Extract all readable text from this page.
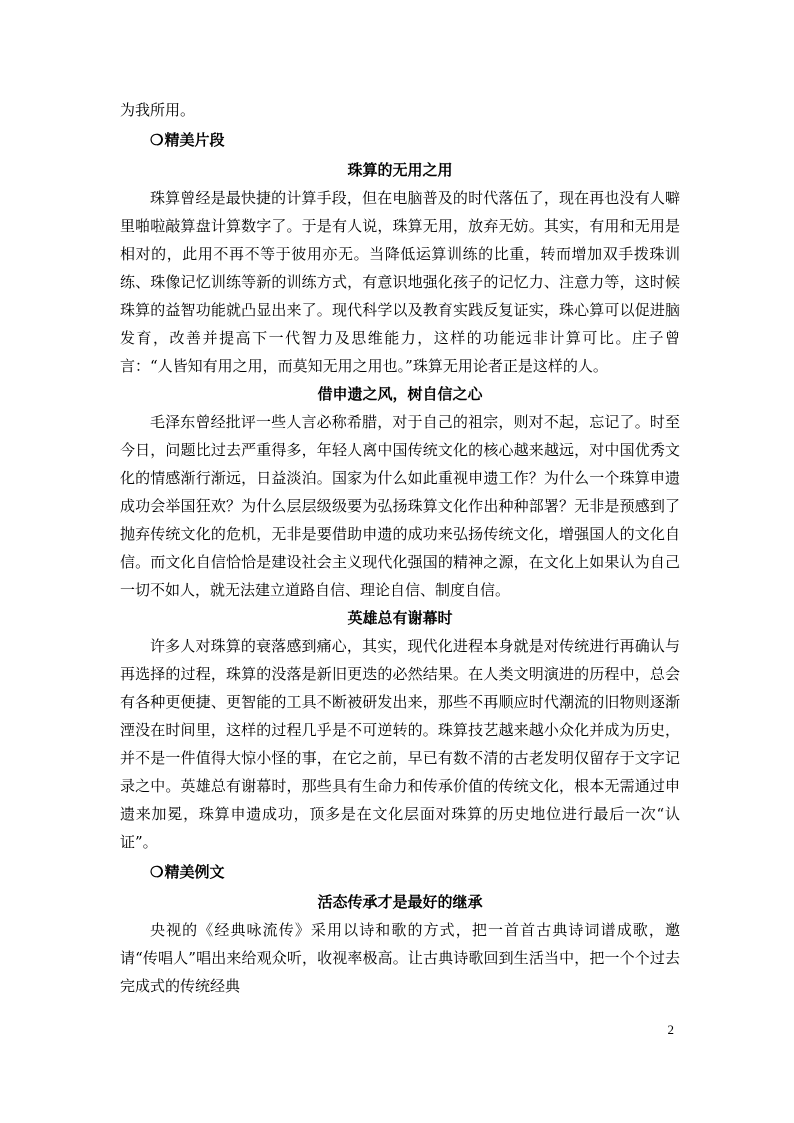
为我所用。

❍精美片段

珠算的无用之用

珠算曾经是最快捷的计算手段，但在电脑普及的时代落伍了，现在再也没有人噼里啪啦敲算盘计算数字了。于是有人说，珠算无用，放弃无妨。其实，有用和无用是相对的，此用不再不等于彼用亦无。当降低运算训练的比重，转而增加双手拨珠训练、珠像记忆训练等新的训练方式，有意识地强化孩子的记忆力、注意力等，这时候珠算的益智功能就凸显出来了。现代科学以及教育实践反复证实，珠心算可以促进脑发育，改善并提高下一代智力及思维能力，这样的功能远非计算可比。庄子曾言：“人皆知有用之用，而莫知无用之用也。”珠算无用论者正是这样的人。

借申遗之风，树自信之心

毛泽东曾经批评一些人言必称希腊，对于自己的祖宗，则对不起，忘记了。时至今日，问题比过去严重得多，年轻人离中国传统文化的核心越来越远，对中国优秀文化的情感渐行渐远，日益淡泊。国家为什么如此重视申遗工作？为什么一个珠算申遗成功会举国狂欢？为什么层层级级要为弘扬珠算文化作出种种部署？无非是预感到了抛弃传统文化的危机，无非是要借助申遗的成功来弘扬传统文化，增强国人的文化自信。而文化自信恰恰是建设社会主义现代化强国的精神之源，在文化上如果认为自己一切不如人，就无法建立道路自信、理论自信、制度自信。

英雄总有谢幕时

许多人对珠算的衰落感到痛心，其实，现代化进程本身就是对传统进行再确认与再选择的过程，珠算的没落是新旧更迭的必然结果。在人类文明演进的历程中，总会有各种更便捷、更智能的工具不断被研发出来，那些不再顺应时代潮流的旧物则逐渐湮没在时间里，这样的过程几乎是不可逆转的。珠算技艺越来越小众化并成为历史，并不是一件值得大惊小怪的事，在它之前，早已有数不清的古老发明仅留存于文字记录之中。英雄总有谢幕时，那些具有生命力和传承价值的传统文化，根本无需通过申遗来加冕，珠算申遗成功，顶多是在文化层面对珠算的历史地位进行最后一次“认证”。

❍精美例文

活态传承才是最好的继承

央视的《经典咏流传》采用以诗和歌的方式，把一首首古典诗词谱成歌，邀请“传唱人”唱出来给观众听，收视率极高。让古典诗歌回到生活当中，把一个个过去完成式的传统经典

2
